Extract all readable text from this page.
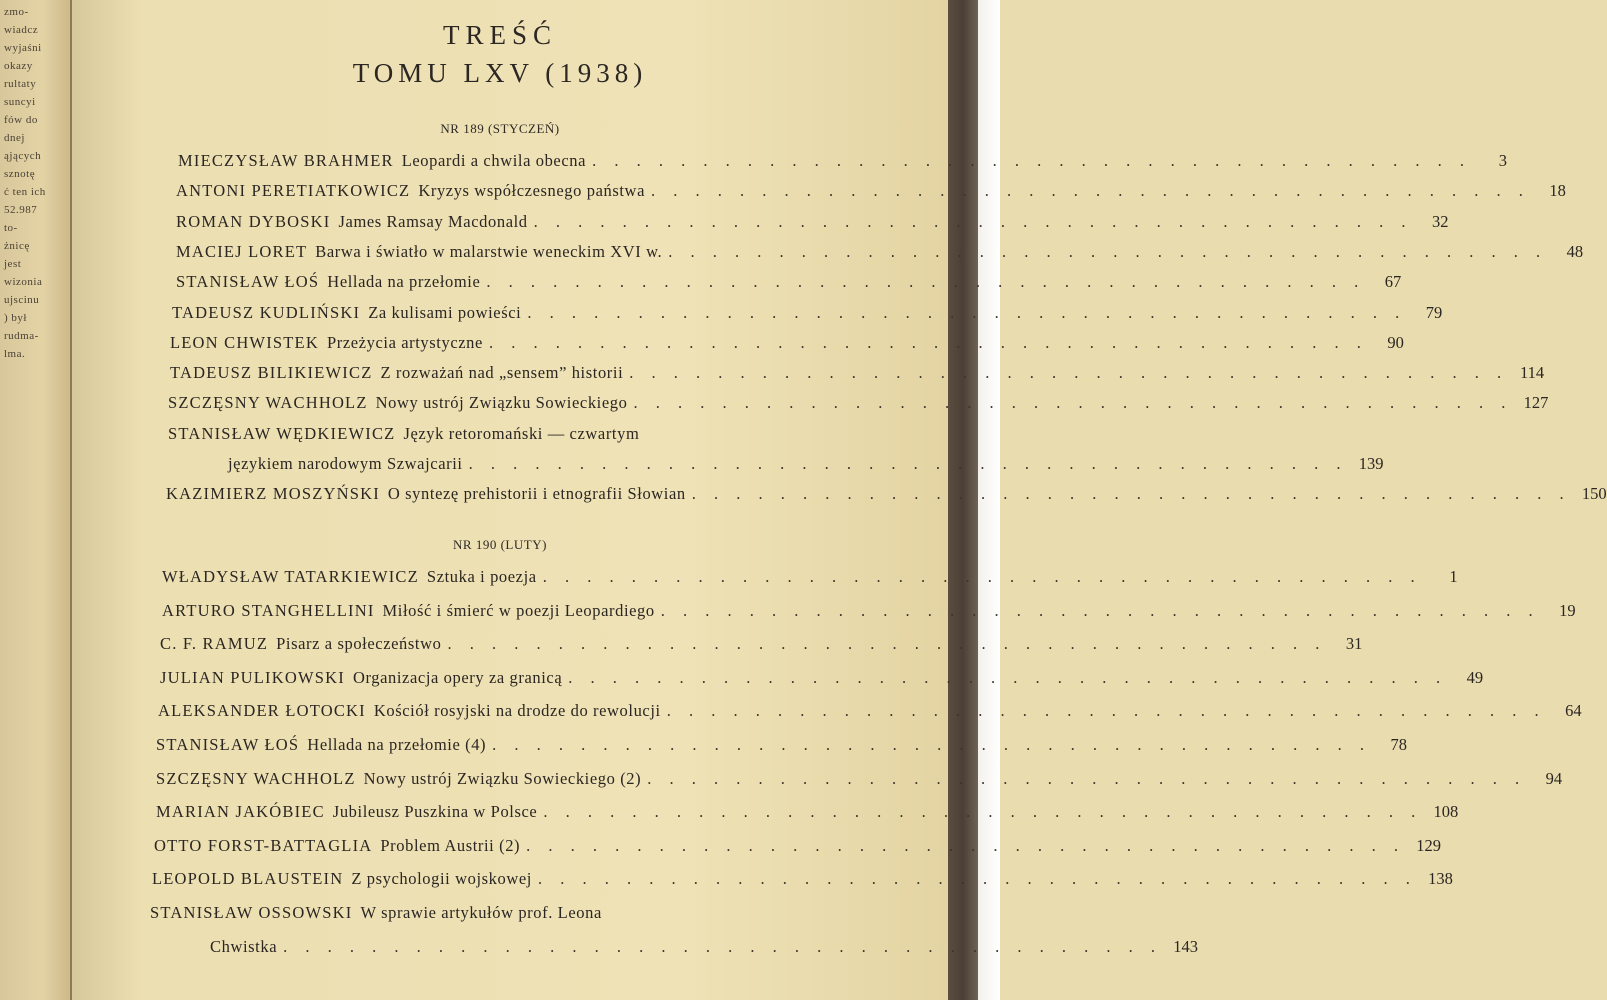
zmo-
wiadcz
wyjaśni
okazy
rultaty
suncyi
fów do
dnej
ąjących
sznotę
ć ten ich
52.987
to-
żnicę
jest
wizonia
ujscinu
) był
rudma-
lma.
TREŚĆ
TOMU LXV (1938)
NR 189 (STYCZEŃ)
MIECZYSŁAW BRAHMER Leopardi a chwila obecna . . . . . . . . . . . . . . . . . . . . . . . . . . . . . . . . . . . . . . . .	3
ANTONI PERETIATKOWICZ Kryzys współczesnego państwa . . . . . . . . . . . . . . . . . . . . . . . . . . . . . . . . . . . . . . . .	18
ROMAN DYBOSKI James Ramsay Macdonald . . . . . . . . . . . . . . . . . . . . . . . . . . . . . . . . . . . . . . . .	32
MACIEJ LORET Barwa i światło w malarstwie weneckim XVI w. . . . . . . . . . . . . . . . . . . . . . . . . . . . . . . . . . . . . . . . .	48
STANISŁAW ŁOŚ Hellada na przełomie . . . . . . . . . . . . . . . . . . . . . . . . . . . . . . . . . . . . . . . .	67
TADEUSZ KUDLIŃSKI Za kulisami powieści . . . . . . . . . . . . . . . . . . . . . . . . . . . . . . . . . . . . . . . .	79
LEON CHWISTEK Przeżycia artystyczne . . . . . . . . . . . . . . . . . . . . . . . . . . . . . . . . . . . . . . . .	90
TADEUSZ BILIKIEWICZ Z rozważań nad „sensem” historii . . . . . . . . . . . . . . . . . . . . . . . . . . . . . . . . . . . . . . . . 114
SZCZĘSNY WACHHOLZ Nowy ustrój Związku Sowieckiego . . . . . . . . . . . . . . . . . . . . . . . . . . . . . . . . . . . . . . . . 127
STANISŁAW WĘDKIEWICZ Język retoromański — czwartym
językiem narodowym Szwajcarii . . . . . . . . . . . . . . . . . . . . . . . . . . . . . . . . . . . . . . . . 139
KAZIMIERZ MOSZYŃSKI O syntezę prehistorii i etnografii Słowian . . . . . . . . . . . . . . . . . . . . . . . . . . . . . . . . . . . . . . . . 150
NR 190 (LUTY)
WŁADYSŁAW TATARKIEWICZ Sztuka i poezja . . . . . . . . . . . . . . . . . . . . . . . . . . . . . . . . . . . . . . . .	1
ARTURO STANGHELLINI Miłość i śmierć w poezji Leopardiego . . . . . . . . . . . . . . . . . . . . . . . . . . . . . . . . . . . . . . . .	19
C. F. RAMUZ Pisarz a społeczeństwo . . . . . . . . . . . . . . . . . . . . . . . . . . . . . . . . . . . . . . . .	31
JULIAN PULIKOWSKI Organizacja opery za granicą . . . . . . . . . . . . . . . . . . . . . . . . . . . . . . . . . . . . . . . .	49
ALEKSANDER ŁOTOCKI Kościół rosyjski na drodze do rewolucji . . . . . . . . . . . . . . . . . . . . . . . . . . . . . . . . . . . . . . . .	64
STANISŁAW ŁOŚ Hellada na przełomie (4) . . . . . . . . . . . . . . . . . . . . . . . . . . . . . . . . . . . . . . . .	78
SZCZĘSNY WACHHOLZ Nowy ustrój Związku Sowieckiego (2) . . . . . . . . . . . . . . . . . . . . . . . . . . . . . . . . . . . . . . . .	94
MARIAN JAKÓBIEC Jubileusz Puszkina w Polsce . . . . . . . . . . . . . . . . . . . . . . . . . . . . . . . . . . . . . . . . 108
OTTO FORST-BATTAGLIA Problem Austrii (2) . . . . . . . . . . . . . . . . . . . . . . . . . . . . . . . . . . . . . . . . 129
LEOPOLD BLAUSTEIN Z psychologii wojskowej . . . . . . . . . . . . . . . . . . . . . . . . . . . . . . . . . . . . . . . . 138
STANISŁAW OSSOWSKI W sprawie artykułów prof. Leona
Chwistka . . . . . . . . . . . . . . . . . . . . . . . . . . . . . . . . . . . . . . . . 143
